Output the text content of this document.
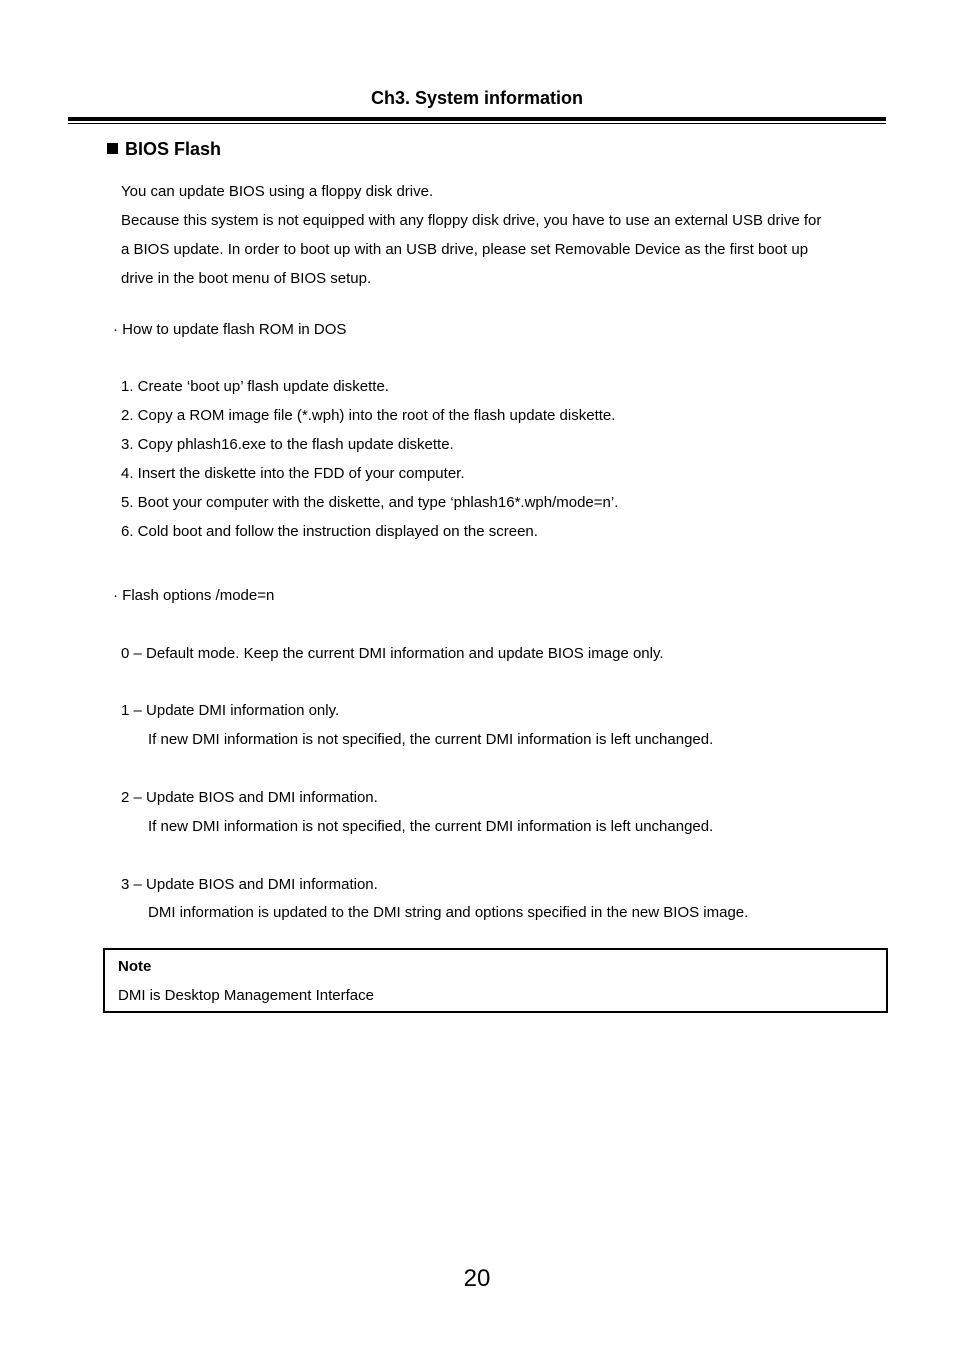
Ch3. System information
BIOS Flash
You can update BIOS using a floppy disk drive.
Because this system is not equipped with any floppy disk drive, you have to use an external USB drive for
a BIOS update. In order to boot up with an USB drive, please set Removable Device as the first boot up
drive in the boot menu of BIOS setup.
· How to update flash ROM in DOS
1. Create ‘boot up’ flash update diskette.
2. Copy a ROM image file (*.wph) into the root of the flash update diskette.
3. Copy phlash16.exe to the flash update diskette.
4. Insert the diskette into the FDD of your computer.
5. Boot your computer with the diskette, and type ‘phlash16*.wph/mode=n’.
6. Cold boot and follow the instruction displayed on the screen.
· Flash options /mode=n
0 – Default mode. Keep the current DMI information and update BIOS image only.
1 – Update DMI information only.
If new DMI information is not specified, the current DMI information is left unchanged.
2 – Update BIOS and DMI information.
If new DMI information is not specified, the current DMI information is left unchanged.
3 – Update BIOS and DMI information.
DMI information is updated to the DMI string and options specified in the new BIOS image.
Note
DMI is Desktop Management Interface
20
